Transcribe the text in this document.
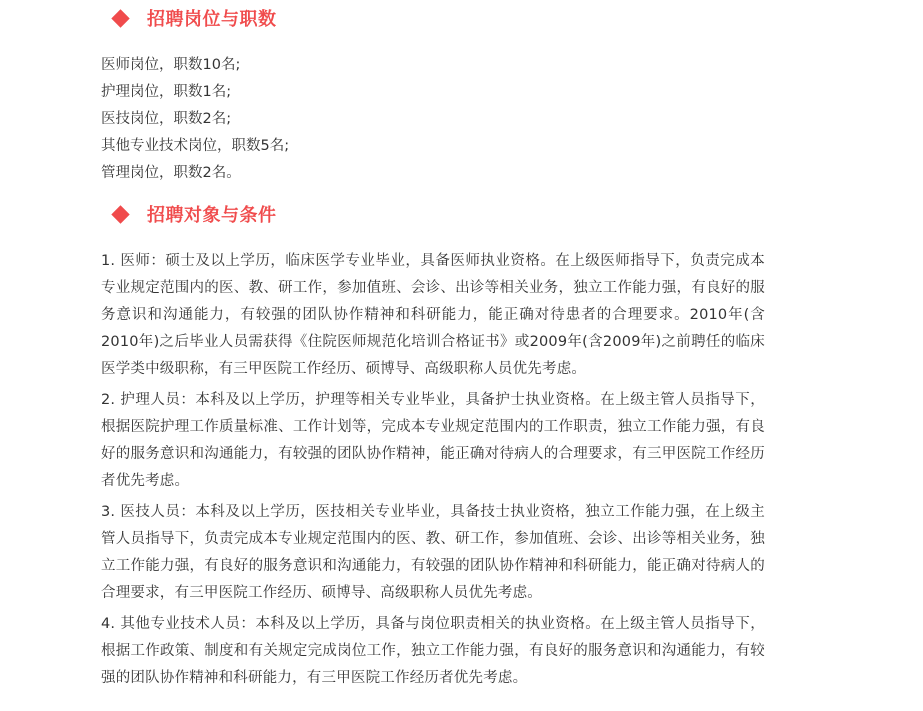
招聘岗位与职数
医师岗位，职数10名;
护理岗位，职数1名;
医技岗位，职数2名;
其他专业技术岗位，职数5名;
管理岗位，职数2名。
招聘对象与条件

1. 医师：硕士及以上学历，临床医学专业毕业，具备医师执业资格。在上级医师指导下，负责完成本专业规定范围内的医、教、研工作，参加值班、会诊、出诊等相关业务，独立工作能力强，有良好的服务意识和沟通能力，有较强的团队协作精神和科研能力，能正确对待患者的合理要求。2010年(含2010年)之后毕业人员需获得《住院医师规范化培训合格证书》或2009年(含2009年)之前聘任的临床医学类中级职称，有三甲医院工作经历、硕博导、高级职称人员优先考虑。

2. 护理人员：本科及以上学历，护理等相关专业毕业，具备护士执业资格。在上级主管人员指导下，根据医院护理工作质量标准、工作计划等，完成本专业规定范围内的工作职责，独立工作能力强，有良好的服务意识和沟通能力，有较强的团队协作精神，能正确对待病人的合理要求，有三甲医院工作经历者优先考虑。

3. 医技人员：本科及以上学历，医技相关专业毕业，具备技士执业资格，独立工作能力强，在上级主管人员指导下，负责完成本专业规定范围内的医、教、研工作，参加值班、会诊、出诊等相关业务，独立工作能力强，有良好的服务意识和沟通能力，有较强的团队协作精神和科研能力，能正确对待病人的合理要求，有三甲医院工作经历、硕博导、高级职称人员优先考虑。

4. 其他专业技术人员：本科及以上学历，具备与岗位职责相关的执业资格。在上级主管人员指导下，根据工作政策、制度和有关规定完成岗位工作，独立工作能力强，有良好的服务意识和沟通能力，有较强的团队协作精神和科研能力，有三甲医院工作经历者优先考虑。
